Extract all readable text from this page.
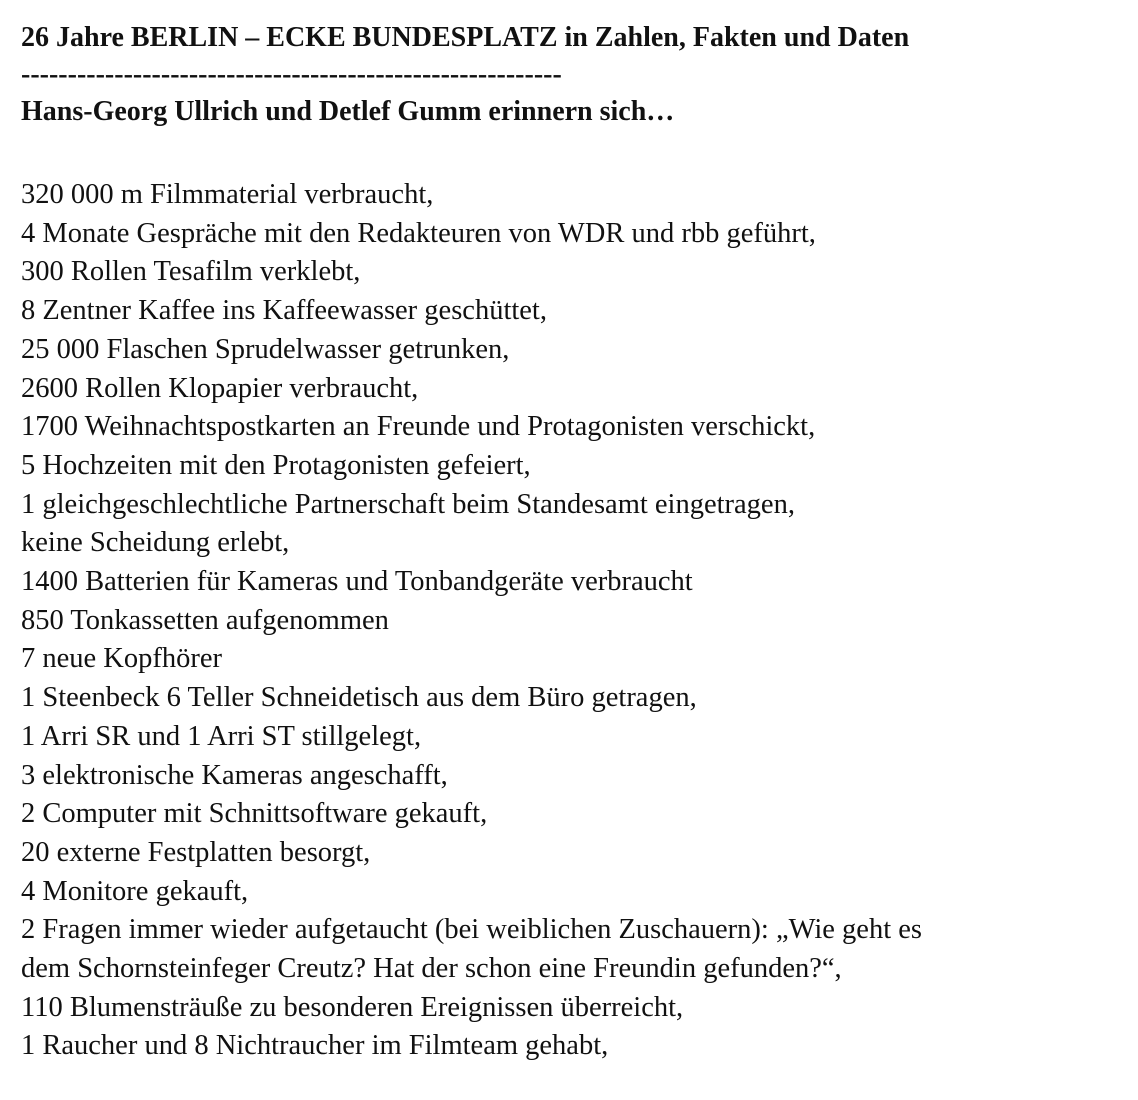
26 Jahre BERLIN – ECKE BUNDESPLATZ in Zahlen, Fakten und Daten
----------------------------------------------------------
Hans-Georg Ullrich und Detlef Gumm erinnern sich…
320 000 m Filmmaterial verbraucht,
4 Monate Gespräche mit den Redakteuren von WDR und rbb geführt,
300 Rollen Tesafilm verklebt,
8 Zentner Kaffee ins Kaffeewasser geschüttet,
25 000 Flaschen Sprudelwasser getrunken,
2600 Rollen Klopapier verbraucht,
1700 Weihnachtspostkarten an Freunde und Protagonisten verschickt,
5 Hochzeiten mit den Protagonisten gefeiert,
1 gleichgeschlechtliche Partnerschaft beim Standesamt eingetragen,
keine Scheidung erlebt,
1400 Batterien für Kameras und Tonbandgeräte verbraucht
850 Tonkassetten aufgenommen
7 neue Kopfhörer
1 Steenbeck 6 Teller Schneidetisch aus dem Büro getragen,
1 Arri SR und 1 Arri ST stillgelegt,
3 elektronische Kameras angeschafft,
2 Computer mit Schnittsoftware gekauft,
20 externe Festplatten besorgt,
4 Monitore gekauft,
2 Fragen immer wieder aufgetaucht (bei weiblichen Zuschauern): „Wie geht es
dem Schornsteinfeger Creutz? Hat der schon eine Freundin gefunden?“,
110 Blumensträuße zu besonderen Ereignissen überreicht,
1 Raucher und 8 Nichtraucher im Filmteam gehabt,
